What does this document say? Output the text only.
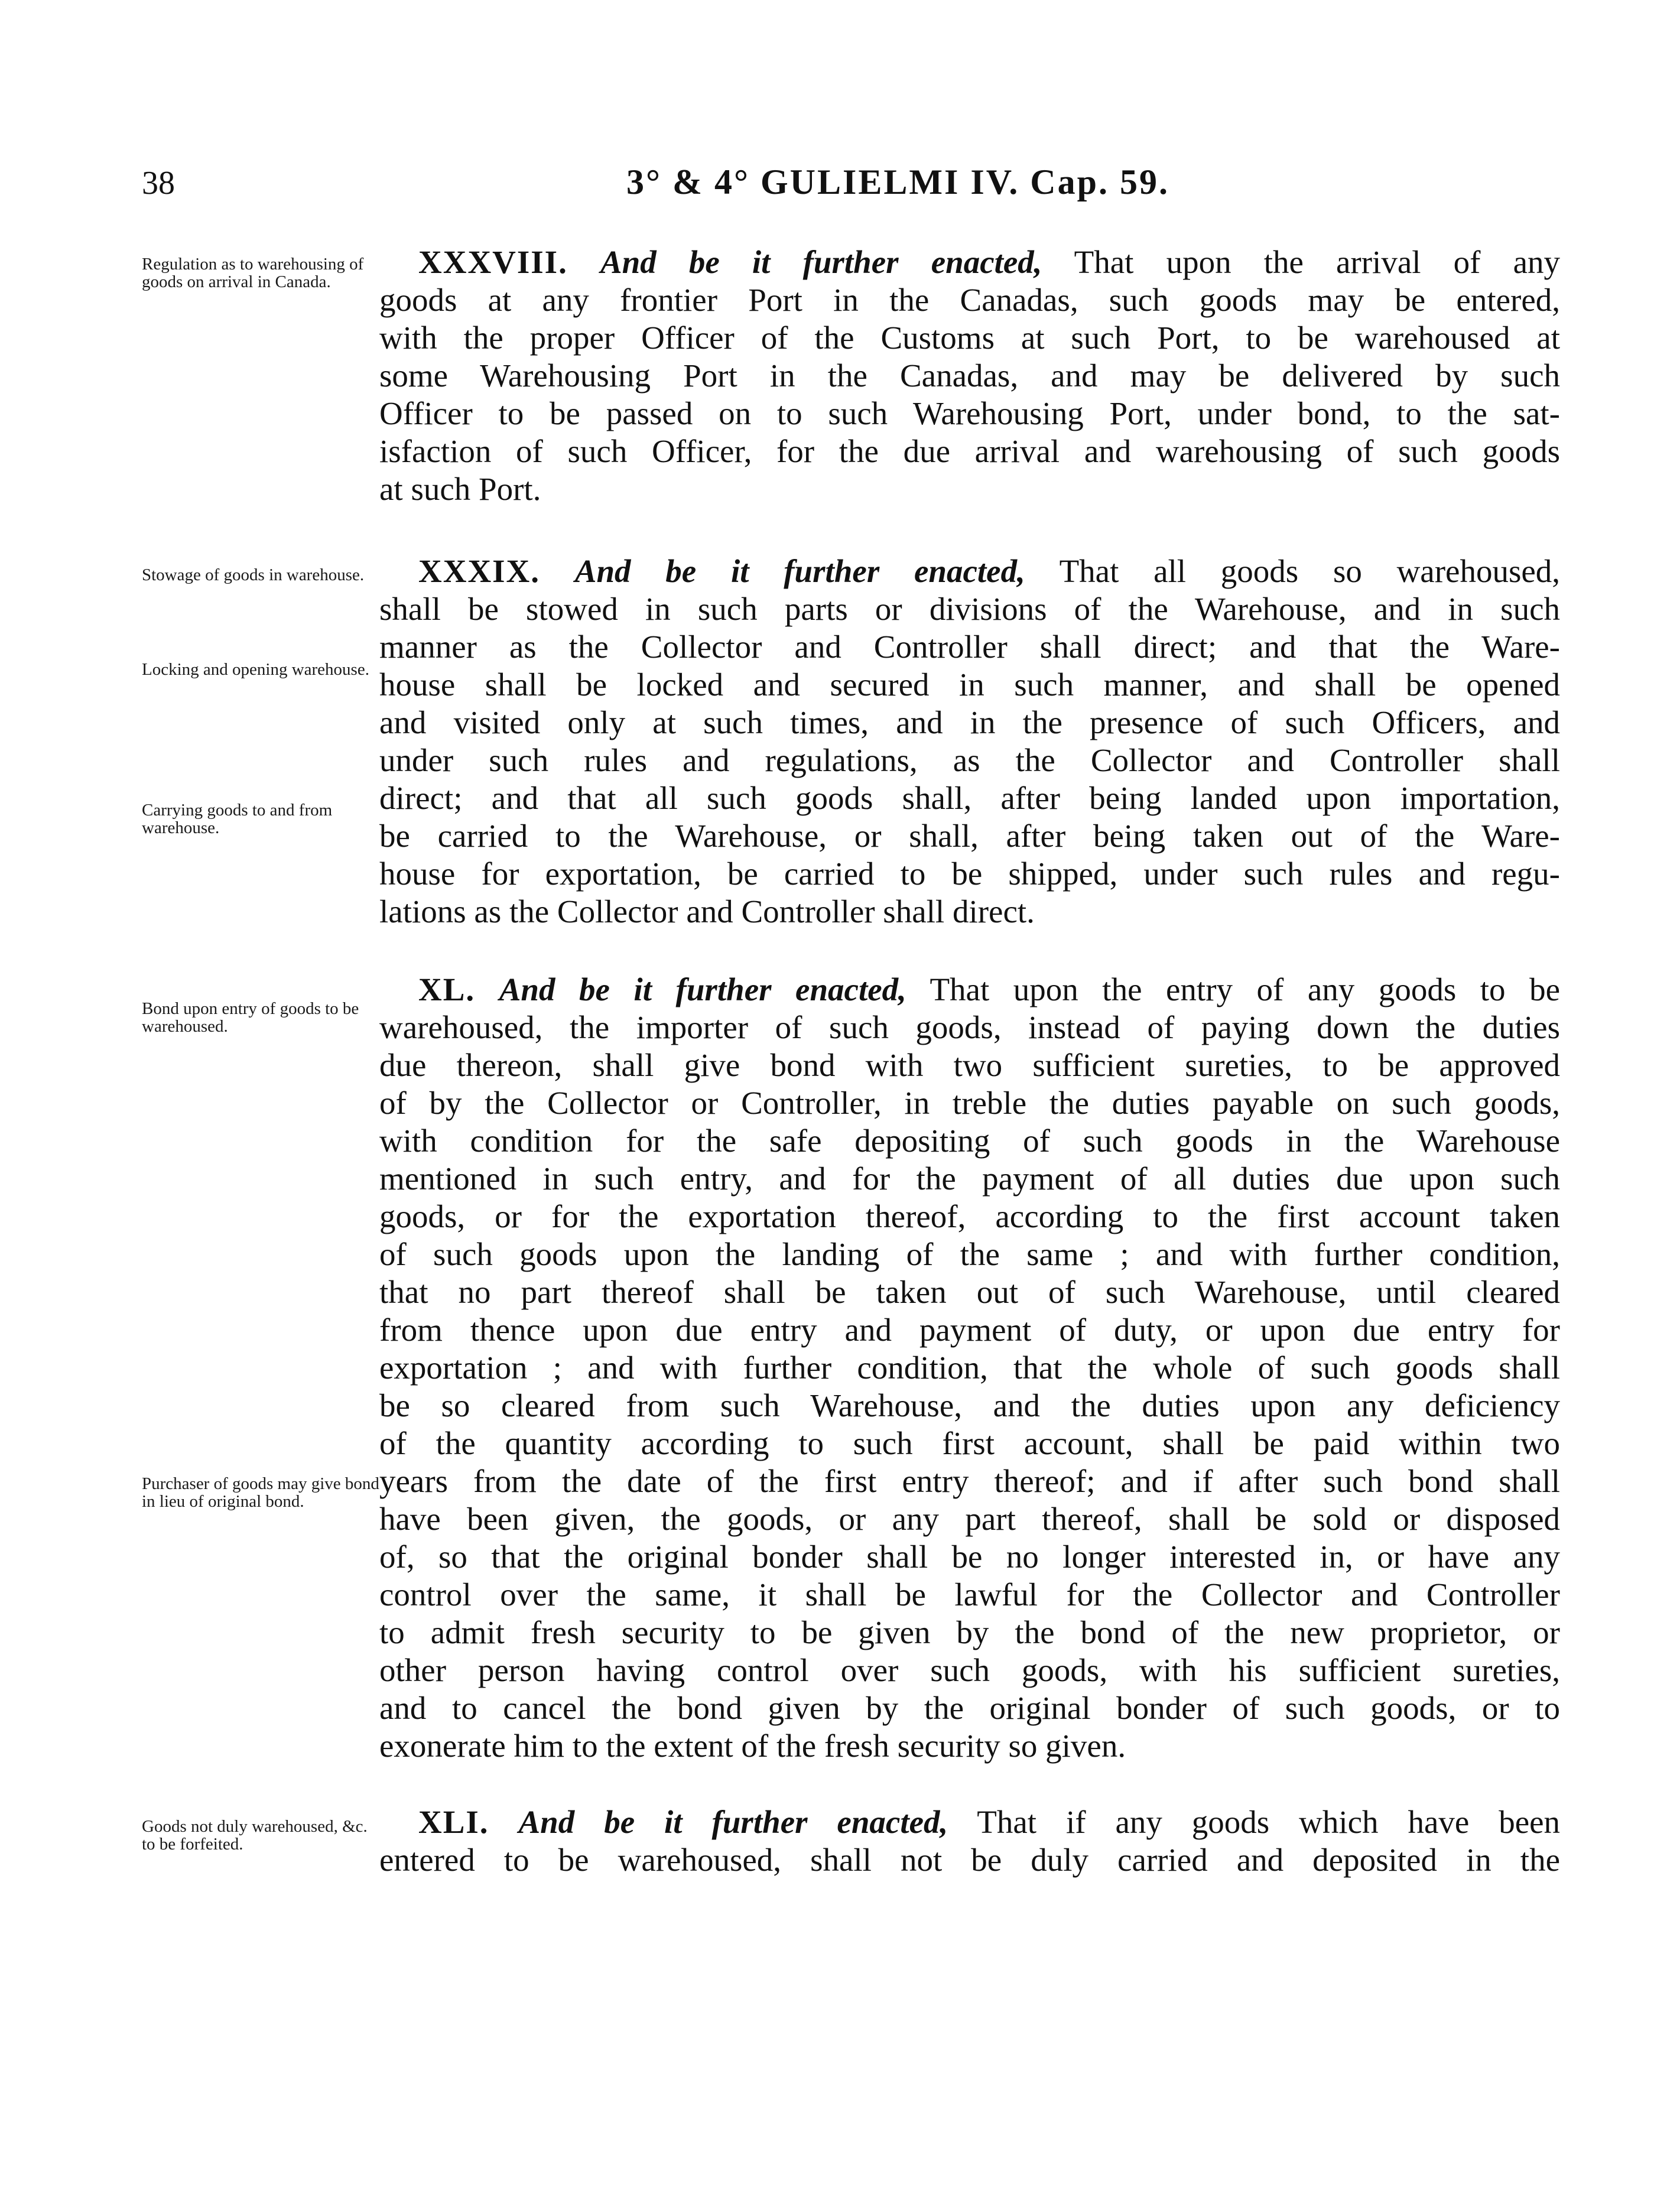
38	3° & 4° GULIELMI IV. Cap. 59.
Regulation as to warehousing of goods on arrival in Canada.
XXXVIII. And be it further enacted, That upon the arrival of any
goods at any frontier Port in the Canadas, such goods may be entered,
with the proper Officer of the Customs at such Port, to be warehoused at
some Warehousing Port in the Canadas, and may be delivered by such
Officer to be passed on to such Warehousing Port, under bond, to the sat-
isfaction of such Officer, for the due arrival and warehousing of such goods
at such Port.
Stowage of goods in warehouse.
Locking and opening warehouse.
Carrying goods to and from warehouse.
XXXIX. And be it further enacted, That all goods so warehoused,
shall be stowed in such parts or divisions of the Warehouse, and in such
manner as the Collector and Controller shall direct; and that the Ware-
house shall be locked and secured in such manner, and shall be opened
and visited only at such times, and in the presence of such Officers, and
under such rules and regulations, as the Collector and Controller shall
direct; and that all such goods shall, after being landed upon importation,
be carried to the Warehouse, or shall, after being taken out of the Ware-
house for exportation, be carried to be shipped, under such rules and regu-
lations as the Collector and Controller shall direct.
Bond upon entry of goods to be warehoused.
Purchaser of goods may give bond in lieu of original bond.
XL. And be it further enacted, That upon the entry of any goods to be
warehoused, the importer of such goods, instead of paying down the duties
due thereon, shall give bond with two sufficient sureties, to be approved
of by the Collector or Controller, in treble the duties payable on such goods,
with condition for the safe depositing of such goods in the Warehouse
mentioned in such entry, and for the payment of all duties due upon such
goods, or for the exportation thereof, according to the first account taken
of such goods upon the landing of the same ; and with further condition,
that no part thereof shall be taken out of such Warehouse, until cleared
from thence upon due entry and payment of duty, or upon due entry for
exportation ; and with further condition, that the whole of such goods shall
be so cleared from such Warehouse, and the duties upon any deficiency
of the quantity according to such first account, shall be paid within two
years from the date of the first entry thereof; and if after such bond shall
have been given, the goods, or any part thereof, shall be sold or disposed
of, so that the original bonder shall be no longer interested in, or have any
control over the same, it shall be lawful for the Collector and Controller
to admit fresh security to be given by the bond of the new proprietor, or
other person having control over such goods, with his sufficient sureties,
and to cancel the bond given by the original bonder of such goods, or to
exonerate him to the extent of the fresh security so given.
Goods not duly warehoused, &c. to be forfeited.
XLI. And be it further enacted, That if any goods which have been
entered to be warehoused, shall not be duly carried and deposited in the
